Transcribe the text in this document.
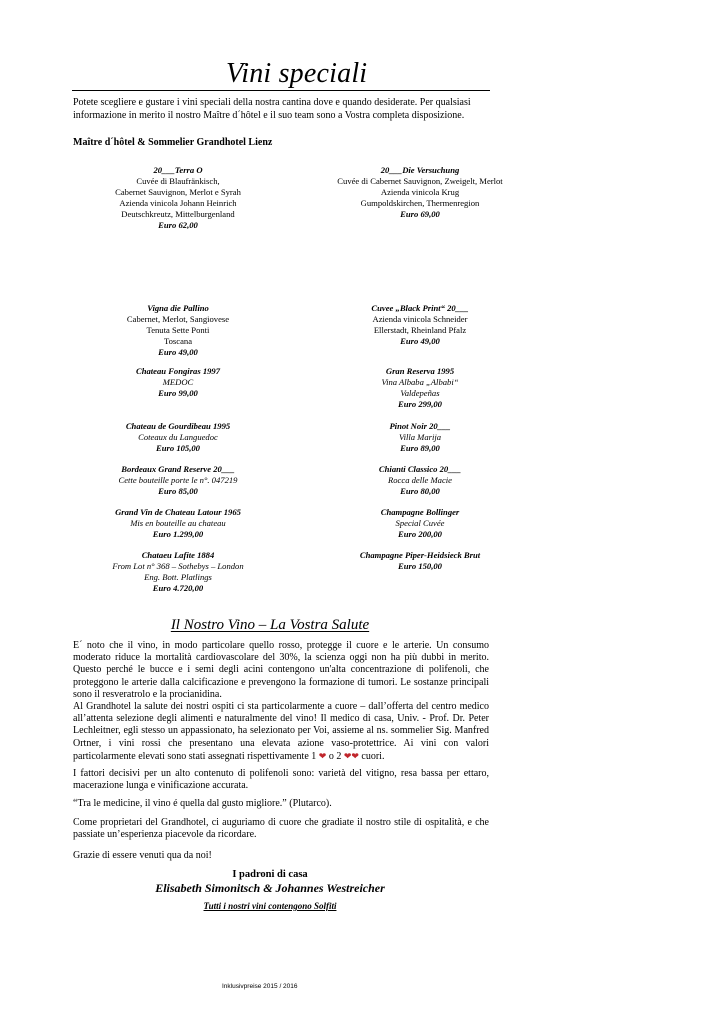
Vini speciali
Potete scegliere e gustare i vini speciali della nostra cantina dove e quando desiderate. Per qualsiasi informazione in merito il nostro Maître d´hôtel e il suo team sono a Vostra completa disposizione.
Maître d´hôtel & Sommelier Grandhotel Lienz
20___Terra O
Cuvée di Blaufränkisch,
Cabernet Sauvignon, Merlot e Syrah
Azienda vinicola Johann Heinrich
Deutschkreutz, Mittelburgenland
Euro 62,00
20___Die Versuchung
Cuvée di Cabernet Sauvignon, Zweigelt, Merlot
Azienda vinicola Krug
Gumpoldskirchen, Thermenregion
Euro 69,00
Vigna die Pallino
Cabernet, Merlot, Sangiovese
Tenuta Sette Ponti
Toscana
Euro 49,00
Cuvee „Black Print“ 20___
Azienda vinicola Schneider
Ellerstadt, Rheinland Pfalz
Euro 49,00
Chateau Fongiras 1997
MEDOC
Euro 99,00
Gran Reserva 1995
Vina Albaba „Albabi“
Valdepeñas
Euro 299,00
Chateau de Gourdibeau 1995
Coteaux du Languedoc
Euro 105,00
Pinot Noir 20___
Villa Marija
Euro 89,00
Bordeaux Grand Reserve 20___
Cette bouteille porte le n°. 047219
Euro 85,00
Chianti Classico 20___
Rocca delle Macie
Euro 80,00
Grand Vin de Chateau Latour 1965
Mis en bouteille au chateau
Euro 1.299,00
Champagne Bollinger
Special Cuvée
Euro 200,00
Chataeu Lafite 1884
From Lot n° 368 – Sothebys – London
Eng. Bott. Platlings
Euro 4.720,00
Champagne Piper-Heidsieck Brut
Euro 150,00
Il Nostro Vino – La Vostra Salute
E´ noto che il vino, in modo particolare quello rosso, protegge il cuore e le arterie. Un consumo moderato riduce la mortalità cardiovascolare del 30%, la scienza oggi non ha più dubbi in merito. Questo perché le bucce e i semi degli acini contengono un'alta concentrazione di polifenoli, che proteggono le arterie dalla calcificazione e prevengono la formazione di tumori. Le sostanze principali sono il resveratrolo e la procianidina.
Al Grandhotel la salute dei nostri ospiti ci sta particolarmente a cuore – dall’offerta del centro medico all’attenta selezione degli alimenti e naturalmente del vino! Il medico di casa, Univ. - Prof. Dr. Peter Lechleitner, egli stesso un appassionato, ha selezionato per Voi, assieme al ns. sommelier Sig. Manfred Ortner, i vini rossi che presentano una elevata azione vaso-protettrice. Ai vini con valori particolarmente elevati sono stati assegnati rispettivamente 1 ❤ o 2 ❤❤ cuori.
I fattori decisivi per un alto contenuto di polifenoli sono: varietà del vitigno, resa bassa per ettaro, macerazione lunga e vinificazione accurata.
“Tra le medicine, il vino é quella dal gusto migliore.” (Plutarco).
Come proprietari del Grandhotel, ci auguriamo di cuore che gradiate il nostro stile di ospitalità, e che passiate un’esperienza piacevole da ricordare.
Grazie di essere venuti qua da noi!
I padroni di casa
Elisabeth Simonitsch & Johannes Westreicher
Tutti i nostri vini contengono Solfiti
Inklusivpreise 2015 / 2016
